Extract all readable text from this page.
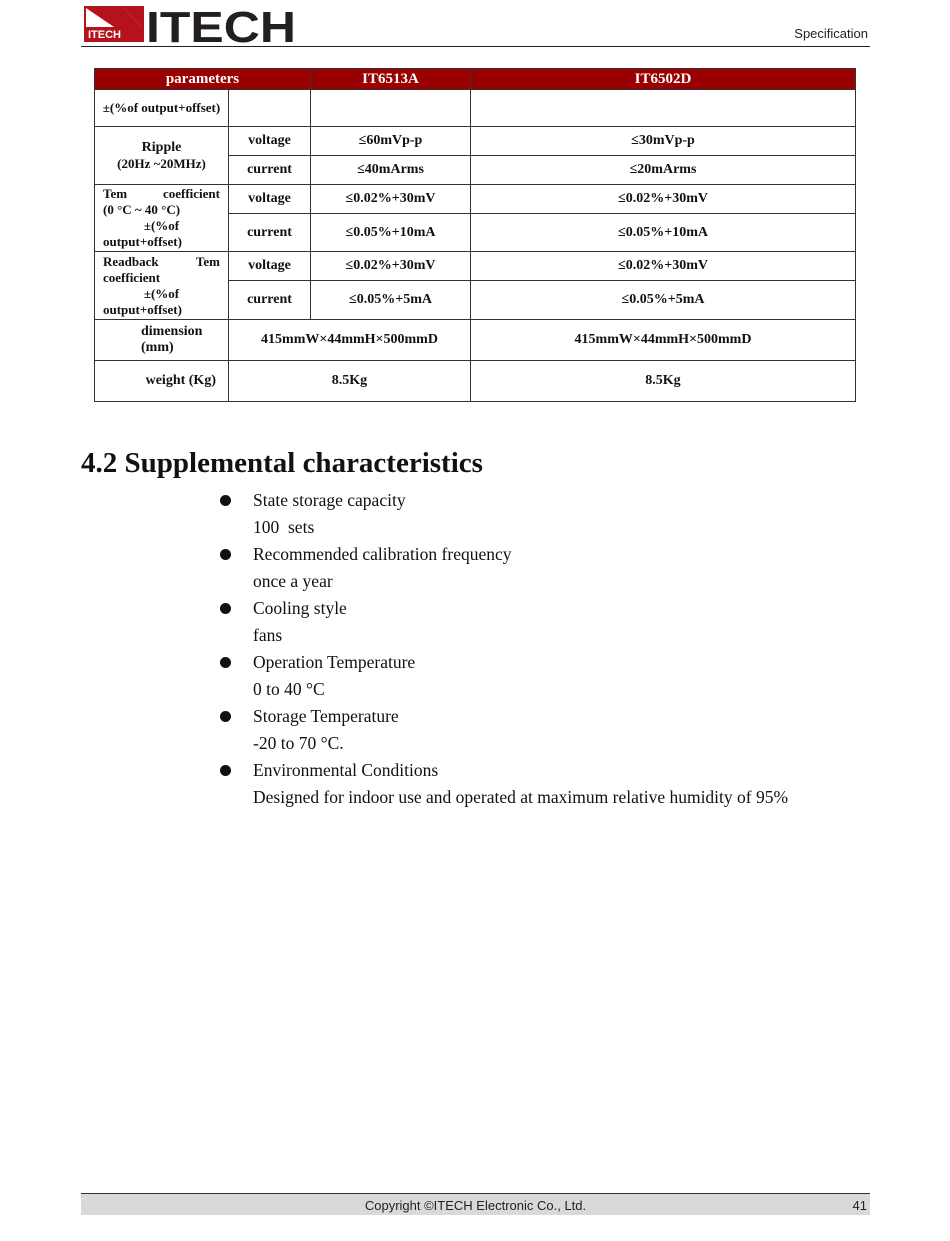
ITECH ITECH	Specification
parameters		IT6513A	IT6502D
±(%of output+offset)			

Ripple
(20Hz ~20MHz)	voltage	≤60mVp-p	≤30mVp-p
	current	≤40mArms	≤20mArms

Tem coefficient
(0 °C ~ 40 °C)
±(%of
output+offset)	voltage	≤0.02%+30mV	≤0.02%+30mV
	current	≤0.05%+10mA	≤0.05%+10mA

Readback Tem
coefficient
±(%of
output+offset)	voltage	≤0.02%+30mV	≤0.02%+30mV
	current	≤0.05%+5mA	≤0.05%+5mA

dimension
(mm)	415mmW×44mmH×500mmD		415mmW×44mmH×500mmD
weight (Kg)	8.5Kg		8.5Kg
4.2 Supplemental characteristics
State storage capacity
100  sets
Recommended calibration frequency
once a year
Cooling style
fans
Operation Temperature
0 to 40 °C
Storage Temperature
-20 to 70 °C.
Environmental Conditions
Designed for indoor use and operated at maximum relative humidity of 95%
Copyright ©ITECH Electronic Co., Ltd.	41
